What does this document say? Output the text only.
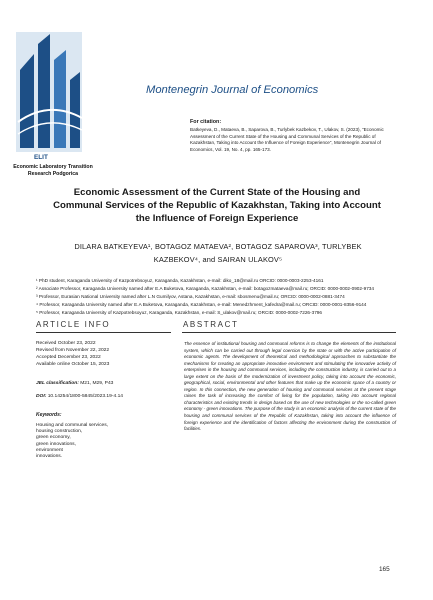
ELIT
Economic Laboratory Transition Research Podgorica
Montenegrin Journal of Economics
For citation:
Batkeyeva, D., Mataeva, B., Saparova, B., Turlybek Kazbekov, T., Ulakov, S. (2023), “Economic Assessment of the Current State of the Housing and Communal Services of the Republic of Kazakhstan, Taking into Account the Influence of Foreign Experience”, Montenegrin Journal of Economics, Vol. 19, No. 4, pp. 165-173.
Economic Assessment of the Current State of the Housing and Communal Services of the Republic of Kazakhstan, Taking into Account the Influence of Foreign Experience
DILARA BATKEYEVA¹, BOTAGOZ MATAEVA², BOTAGOZ SAPAROVA³, TURLYBEK KAZBEKOV⁴, and SAIRAN ULAKOV⁵
¹ PhD student, Karaganda University of Kazpotrebsoyuz, Karaganda, Kazakhstan, e-mail: diko_18@mail.ru ORCID: 0000-0003-2253-4161
² Associate Professor, Karaganda University named after E.A Buketova, Karaganda, Kazakhstan, e-mail: botagozmataeva@mail.ru; ORCID: 0000-0002-0902-9734
³ Professor, Eurasian National University named after L.N Gumilyov, Astana, Kazakhstan, e-mail: sbosmenu@mail.ru; ORCID: 0000-0002-0881-3474
⁴ Professor, Karaganda University named after E.A Buketova, Karaganda, Kazakhstan, e-mail: Menedzhment_kafedra@mail.ru; ORCID: 0000-0001-8356-9144
⁵ Professor, Karaganda University of Kazpotrebsoyuz, Karaganda, Kazakhstan, e-mail: S_ulakov@mail.ru; ORCID: 0000-0002-7226-3796
ARTICLE INFO
Received October 23, 2022
Revised from November 22, 2022
Accepted December 23, 2022
Available online October 15, 2023
JEL classification: M21, M29, P43
DOI: 10.14254/1800-5845/2023.19-4.14
Keywords:
Housing and communal services,
housing construction,
green economy,
green innovations,
environment
innovations.
ABSTRACT
The essence of institutional housing and communal reforms is to change the elements of the institutional system, which can be carried out through legal coercion by the state or with the active participation of economic agents. The development of theoretical and methodological approaches to substantiate the mechanisms for creating an appropriate innovative environment and stimulating the innovative activity of enterprises in the housing and communal services, including the construction industry, is carried out to a large extent on the basis of the modernization of investment policy, taking into account the economic, geographical, social, environmental and other features that make up the economic space of a country or region. In this connection, the new generation of housing and communal services at the present stage raises the task of increasing the comfort of living for the population, taking into account regional characteristics and existing trends in design based on the use of new technologies or the so-called green economy - green innovations. The purpose of the study is an economic analysis of the current state of the housing and communal services of the Republic of Kazakhstan, taking into account the influence of foreign experience and the identification of factors affecting the environment during the construction of facilities.
165
